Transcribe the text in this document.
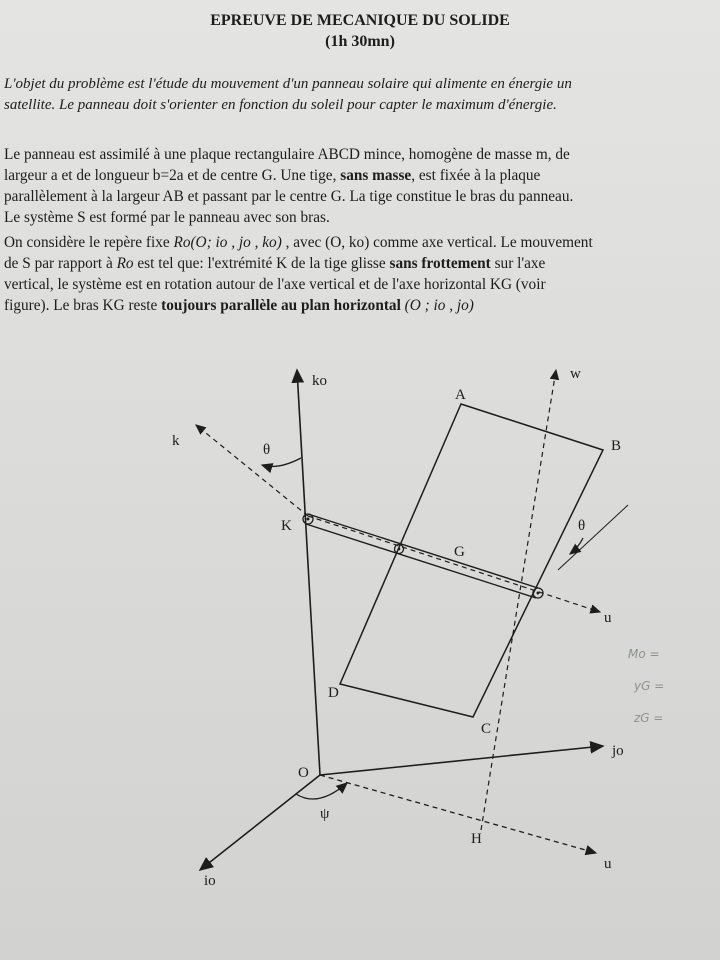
EPREUVE DE MECANIQUE DU SOLIDE
(1h 30mn)
L'objet du problème est l'étude du mouvement d'un panneau solaire qui alimente en énergie un
satellite. Le panneau doit s'orienter en fonction du soleil pour capter le maximum d'énergie.
Le panneau est assimilé à une plaque rectangulaire ABCD mince, homogène de masse m, de
largeur a et de longueur b=2a et de centre G. Une tige, sans masse, est fixée à la plaque
parallèlement à la largeur AB et passant par le centre G. La tige constitue le bras du panneau.
Le système S est formé par le panneau avec son bras.
On considère le repère fixe Ro(O; io , jo , ko) , avec (O, ko) comme axe vertical. Le mouvement
de S par rapport à Ro est tel que: l'extrémité K de la tige glisse sans frottement sur l'axe
vertical, le système est en rotation autour de l'axe vertical et de l'axe horizontal KG (voir
figure). Le bras KG reste toujours parallèle au plan horizontal (O ; io , jo)
ko
k
w
u
jo
io
u
θ
θ
ψ
A
B
C
D
G
K
O
H
Mo =
yG =
zG =
